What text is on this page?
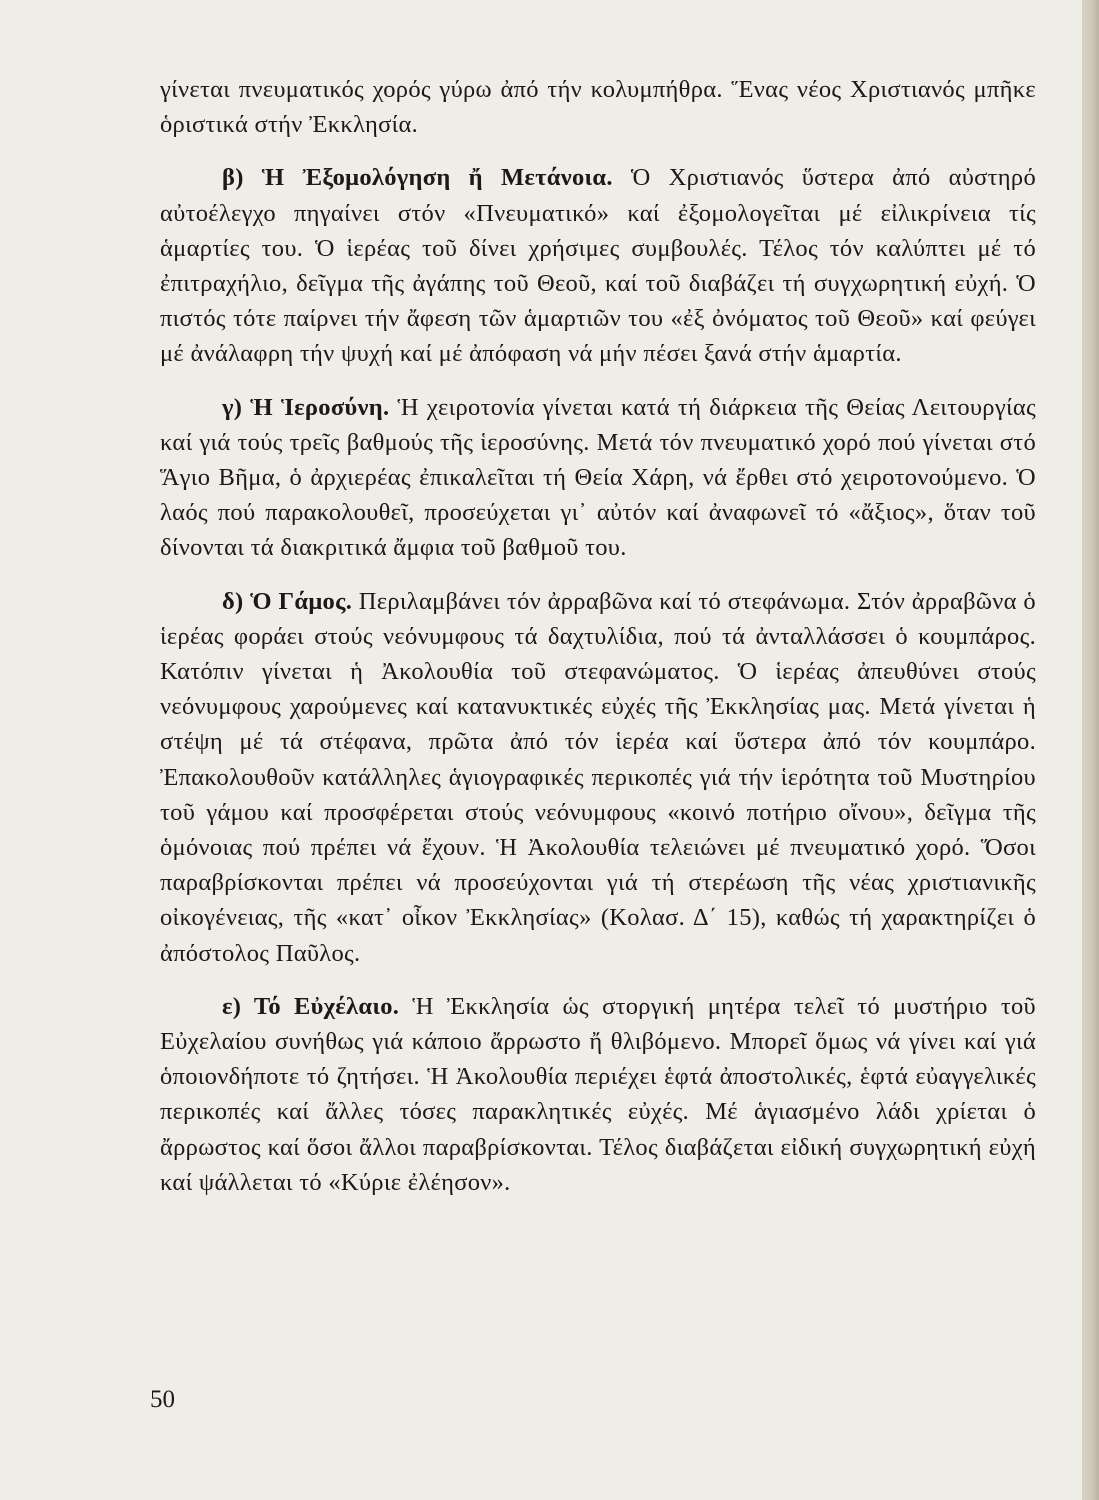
γίνεται πνευματικός χορός γύρω ἀπό τήν κολυμπήθρα. Ἕνας νέος Χριστιανός μπῆκε ὁριστικά στήν Ἐκκλησία.

β) Ἡ Ἐξομολόγηση ἤ Μετάνοια. Ὁ Χριστιανός ὕστερα ἀπό αὐστηρό αὐτοέλεγχο πηγαίνει στόν «Πνευματικό» καί ἐξομολογεῖται μέ εἰλικρίνεια τίς ἁμαρτίες του. Ὁ ἱερέας τοῦ δίνει χρήσιμες συμβουλές. Τέλος τόν καλύπτει μέ τό ἐπιτραχήλιο, δεῖγμα τῆς ἀγάπης τοῦ Θεοῦ, καί τοῦ διαβάζει τή συγχωρητική εὐχή. Ὁ πιστός τότε παίρνει τήν ἄφεση τῶν ἁμαρτιῶν του «ἐξ ὀνόματος τοῦ Θεοῦ» καί φεύγει μέ ἀνάλαφρη τήν ψυχή καί μέ ἀπόφαση νά μήν πέσει ξανά στήν ἁμαρτία.

γ) Ἡ Ἱεροσύνη. Ἡ χειροτονία γίνεται κατά τή διάρκεια τῆς Θείας Λειτουργίας καί γιά τούς τρεῖς βαθμούς τῆς ἱεροσύνης. Μετά τόν πνευματικό χορό πού γίνεται στό Ἅγιο Βῆμα, ὁ ἀρχιερέας ἐπικαλεῖται τή Θεία Χάρη, νά ἔρθει στό χειροτονούμενο. Ὁ λαός πού παρακολουθεῖ, προσεύχεται γι᾽ αὐτόν καί ἀναφωνεῖ τό «ἄξιος», ὅταν τοῦ δίνονται τά διακριτικά ἄμφια τοῦ βαθμοῦ του.

δ) Ὁ Γάμος. Περιλαμβάνει τόν ἀρραβῶνα καί τό στεφάνωμα. Στόν ἀρραβῶνα ὁ ἱερέας φοράει στούς νεόνυμφους τά δαχτυλίδια, πού τά ἀνταλλάσσει ὁ κουμπάρος. Κατόπιν γίνεται ἡ Ἀκολουθία τοῦ στεφανώματος. Ὁ ἱερέας ἀπευθύνει στούς νεόνυμφους χαρούμενες καί κατανυκτικές εὐχές τῆς Ἐκκλησίας μας. Μετά γίνεται ἡ στέψη μέ τά στέφανα, πρῶτα ἀπό τόν ἱερέα καί ὕστερα ἀπό τόν κουμπάρο. Ἐπακολουθοῦν κατάλληλες ἁγιογραφικές περικοπές γιά τήν ἱερότητα τοῦ Μυστηρίου τοῦ γάμου καί προσφέρεται στούς νεόνυμφους «κοινό ποτήριο οἴνου», δεῖγμα τῆς ὁμόνοιας πού πρέπει νά ἔχουν. Ἡ Ἀκολουθία τελειώνει μέ πνευματικό χορό. Ὅσοι παραβρίσκονται πρέπει νά προσεύχονται γιά τή στερέωση τῆς νέας χριστιανικῆς οἰκογένειας, τῆς «κατ᾽ οἶκον Ἐκκλησίας» (Κολασ. Δ΄ 15), καθώς τή χαρακτηρίζει ὁ ἀπόστολος Παῦλος.

ε) Τό Εὐχέλαιο. Ἡ Ἐκκλησία ὡς στοργική μητέρα τελεῖ τό μυστήριο τοῦ Εὐχελαίου συνήθως γιά κάποιο ἄρρωστο ἤ θλιβόμενο. Μπορεῖ ὅμως νά γίνει καί γιά ὁποιονδήποτε τό ζητήσει. Ἡ Ἀκολουθία περιέχει ἑφτά ἀποστολικές, ἑφτά εὐαγγελικές περικοπές καί ἄλλες τόσες παρακλητικές εὐχές. Μέ ἁγιασμένο λάδι χρίεται ὁ ἄρρωστος καί ὅσοι ἄλλοι παραβρίσκονται. Τέλος διαβάζεται εἰδική συγχωρητική εὐχή καί ψάλλεται τό «Κύριε ἐλέησον».

50
